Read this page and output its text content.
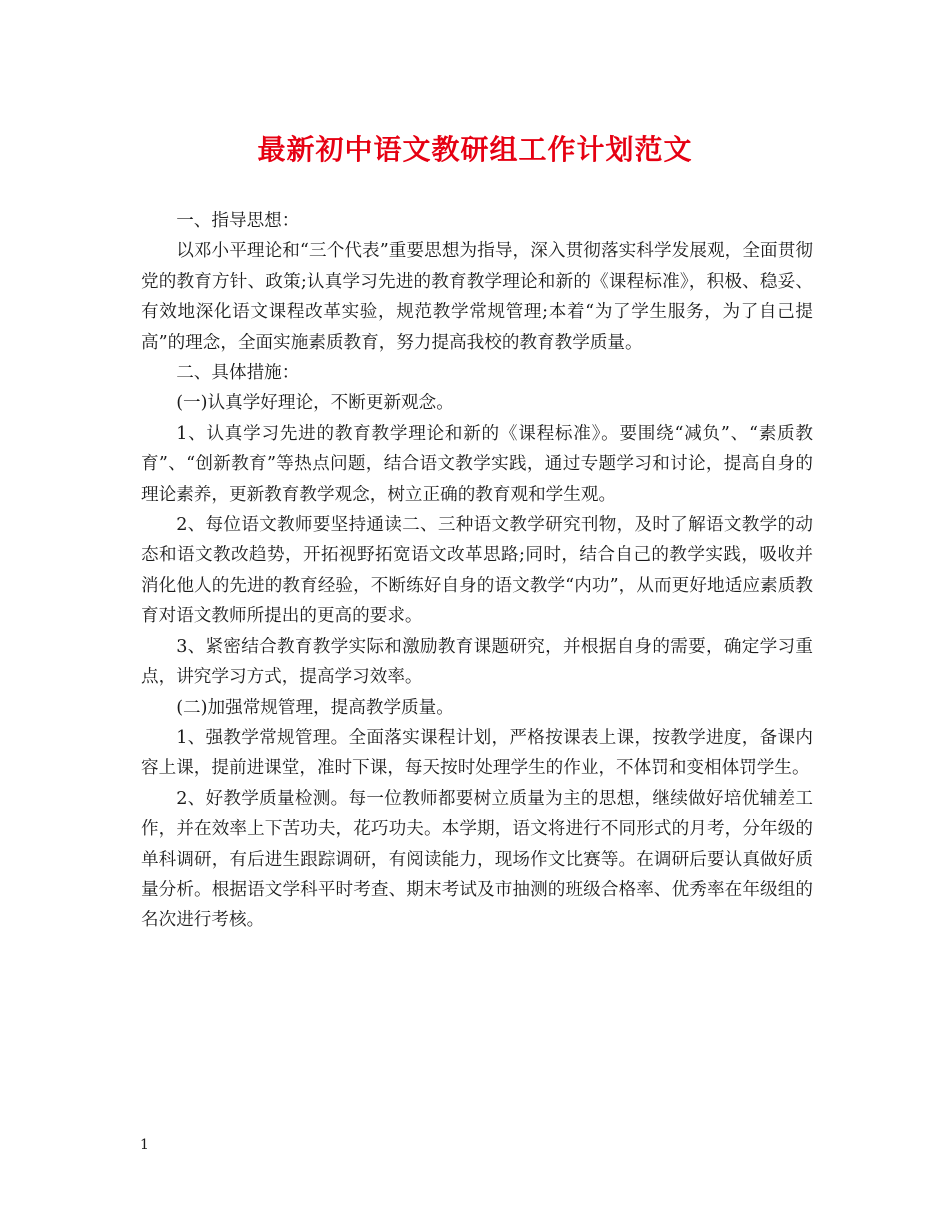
最新初中语文教研组工作计划范文

一、指导思想：

以邓小平理论和“三个代表”重要思想为指导，深入贯彻落实科学发展观，全面贯彻党的教育方针、政策;认真学习先进的教育教学理论和新的《课程标准》，积极、稳妥、有效地深化语文课程改革实验，规范教学常规管理;本着“为了学生服务，为了自己提高”的理念，全面实施素质教育，努力提高我校的教育教学质量。

二、具体措施：

(一)认真学好理论，不断更新观念。

1、认真学习先进的教育教学理论和新的《课程标准》。要围绕“减负”、“素质教育”、“创新教育”等热点问题，结合语文教学实践，通过专题学习和讨论，提高自身的理论素养，更新教育教学观念，树立正确的教育观和学生观。

2、每位语文教师要坚持通读二、三种语文教学研究刊物，及时了解语文教学的动态和语文教改趋势，开拓视野拓宽语文改革思路;同时，结合自己的教学实践，吸收并消化他人的先进的教育经验，不断练好自身的语文教学“内功”，从而更好地适应素质教育对语文教师所提出的更高的要求。

3、紧密结合教育教学实际和激励教育课题研究，并根据自身的需要，确定学习重点，讲究学习方式，提高学习效率。

(二)加强常规管理，提高教学质量。

1、强教学常规管理。全面落实课程计划，严格按课表上课，按教学进度，备课内容上课，提前进课堂，准时下课，每天按时处理学生的作业，不体罚和变相体罚学生。

2、好教学质量检测。每一位教师都要树立质量为主的思想，继续做好培优辅差工作，并在效率上下苦功夫，花巧功夫。本学期，语文将进行不同形式的月考，分年级的单科调研，有后进生跟踪调研，有阅读能力，现场作文比赛等。在调研后要认真做好质量分析。根据语文学科平时考查、期末考试及市抽测的班级合格率、优秀率在年级组的名次进行考核。

1
